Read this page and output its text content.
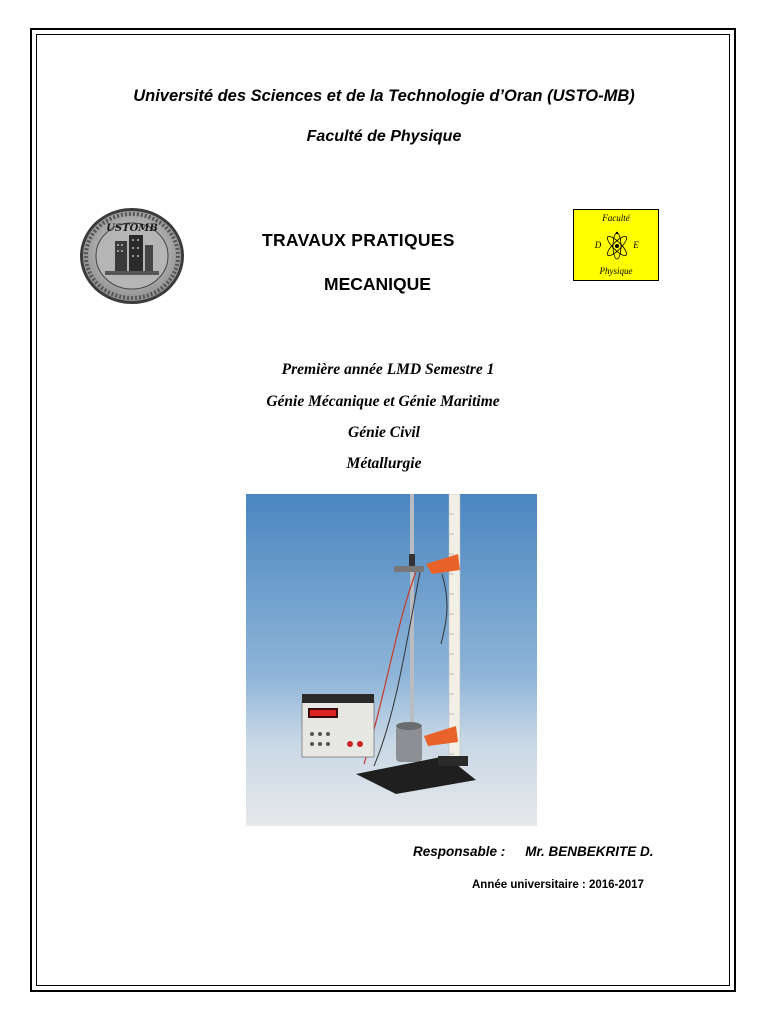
Université des Sciences et de la Technologie d’Oran (USTO-MB)
Faculté de Physique
USTOMB
Faculté
D	E
Physique
TRAVAUX PRATIQUES
MECANIQUE
Première année LMD Semestre 1
Génie Mécanique et Génie Maritime
Génie Civil
Métallurgie
Responsable : Mr. BENBEKRITE D.
Année universitaire : 2016-2017
